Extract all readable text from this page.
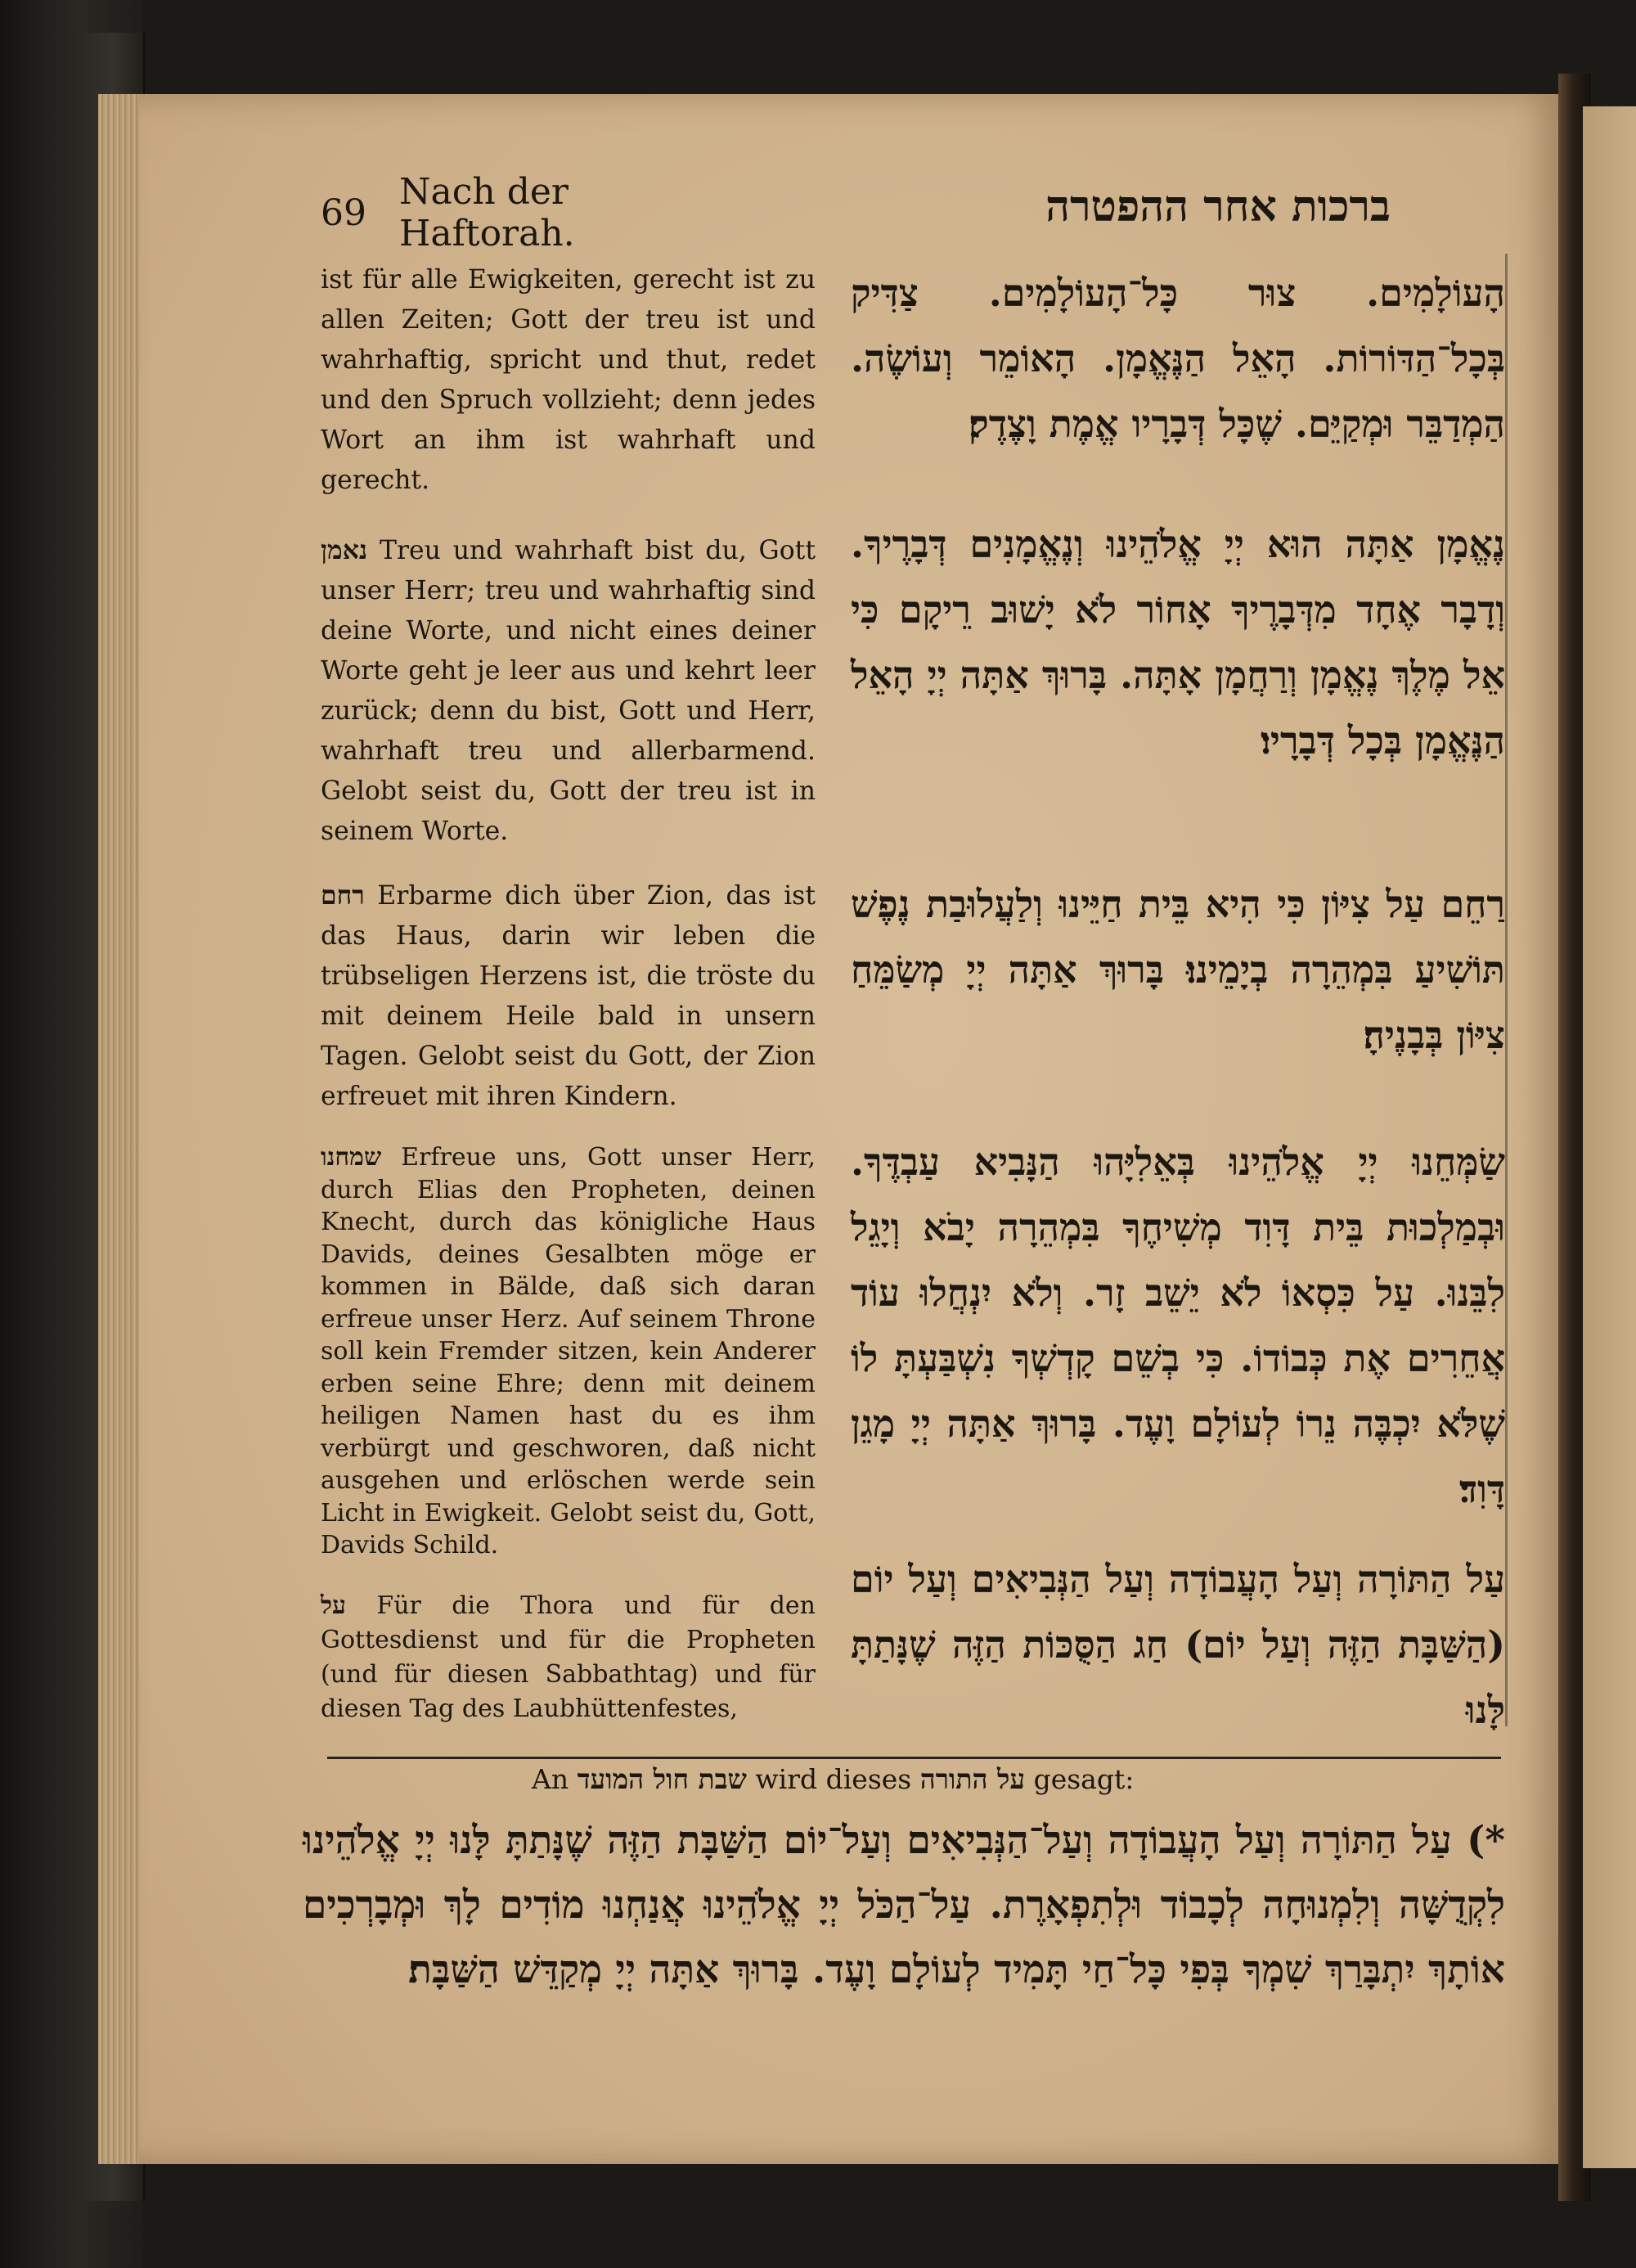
69 Nach der Haftorah.
ברכות אחר ההפטרה
ist für alle Ewigkeiten, gerecht ist zu allen Zeiten; Gott der treu ist und wahrhaftig, spricht und thut, redet und den Spruch vollzieht; denn jedes Wort an ihm ist wahrhaft und gerecht.
נאמן Treu und wahrhaft bist du, Gott unser Herr; treu und wahrhaftig sind deine Worte, und nicht eines deiner Worte geht je leer aus und kehrt leer zurück; denn du bist, Gott und Herr, wahrhaft treu und allerbarmend. Gelobt seist du, Gott der treu ist in seinem Worte.
רחם Erbarme dich über Zion, das ist das Haus, darin wir leben die trübseligen Herzens ist, die tröste du mit deinem Heile bald in unsern Tagen. Gelobt seist du Gott, der Zion erfreuet mit ihren Kindern.
שמחנו Erfreue uns, Gott unser Herr, durch Elias den Propheten, deinen Knecht, durch das königliche Haus Davids, deines Gesalbten möge er kommen in Bälde, daß sich daran erfreue unser Herz. Auf seinem Throne soll kein Fremder sitzen, kein Anderer erben seine Ehre; denn mit deinem heiligen Namen hast du es ihm verbürgt und geschworen, daß nicht ausgehen und erlöschen werde sein Licht in Ewigkeit. Gelobt seist du, Gott, Davids Schild.
על Für die Thora und für den Gottesdienst und für die Propheten (und für diesen Sabbathtag) und für diesen Tag des Laubhüttenfestes,
הָעוֹלָמִים. צוּר כָּל־הָעוֹלָמִים. צַדִּיק בְּכָל־הַדּוֹרוֹת. הָאֵל הַנֶּאֱמָן. הָאוֹמֵר וְעוֹשֶׂה. הַמְדַבֵּר וּמְקַיֵּם. שֶׁכָּל דְּבָרָיו אֱמֶת וָצֶדֶק׃
נֶאֱמָן אַתָּה הוּא יְיָ אֱלֹהֵינוּ וְנֶאֱמָנִים דְּבָרֶיךָ. וְדָבָר אֶחָד מִדְּבָרֶיךָ אָחוֹר לֹא יָשׁוּב רֵיקָם כִּי אֵל מֶלֶךְ נֶאֱמָן וְרַחֲמָן אָתָּה. בָּרוּךְ אַתָּה יְיָ הָאֵל הַנֶּאֱמָן בְּכָל דְּבָרָיו׃
רַחֵם עַל צִיּוֹן כִּי הִיא בֵּית חַיֵּינוּ וְלַעֲלוּבַת נֶפֶשׁ תּוֹשִׁיעַ בִּמְהֵרָה בְיָמֵינוּ׃ בָּרוּךְ אַתָּה יְיָ מְשַׂמֵּחַ צִיּוֹן בְּבָנֶיהָ׃
שַׂמְּחֵנוּ יְיָ אֱלֹהֵינוּ בְּאֵלִיָּהוּ הַנָּבִיא עַבְדֶּךָ. וּבְמַלְכוּת בֵּית דָּוִד מְשִׁיחֶךָ בִּמְהֵרָה יָבֹא וְיָגֵל לִבֵּנוּ. עַל כִּסְאוֹ לֹא יֵשֵׁב זָר. וְלֹא יִנְחֲלוּ עוֹד אֲחֵרִים אֶת כְּבוֹדוֹ. כִּי בְשֵׁם קָדְשְׁךָ נִשְׁבַּעְתָּ לוֹ שֶׁלֹּא יִכְבֶּה נֵרוֹ לְעוֹלָם וָעֶד. בָּרוּךְ אַתָּה יְיָ מָגֵן דָּוִד׃
עַל הַתּוֹרָה וְעַל הָעֲבוֹדָה וְעַל הַנְּבִיאִים וְעַל יוֹם (הַשַּׁבָּת הַזֶּה וְעַל יוֹם) חַג הַסֻּכּוֹת הַזֶּה שֶׁנָּתַתָּ לָּנוּ
An שבת חול המועד wird dieses על התורה gesagt:
*) עַל הַתּוֹרָה וְעַל הָעֲבוֹדָה וְעַל־הַנְּבִיאִים וְעַל־יוֹם הַשַּׁבָּת הַזֶּה שֶׁנָּתַתָּ לָּנוּ יְיָ אֱלֹהֵינוּ לִקְדֻשָּׁה וְלִמְנוּחָה לְכָבוֹד וּלְתִפְאָרֶת. עַל־הַכֹּל יְיָ אֱלֹהֵינוּ אֲנַחְנוּ מוֹדִים לָךְ וּמְבָרְכִים אוֹתָךְ יִתְבָּרַךְ שִׁמְךָ בְּפִי כָּל־חַי תָּמִיד לְעוֹלָם וָעֶד. בָּרוּךְ אַתָּה יְיָ מְקַדֵּשׁ הַשַּׁבָּת׃
